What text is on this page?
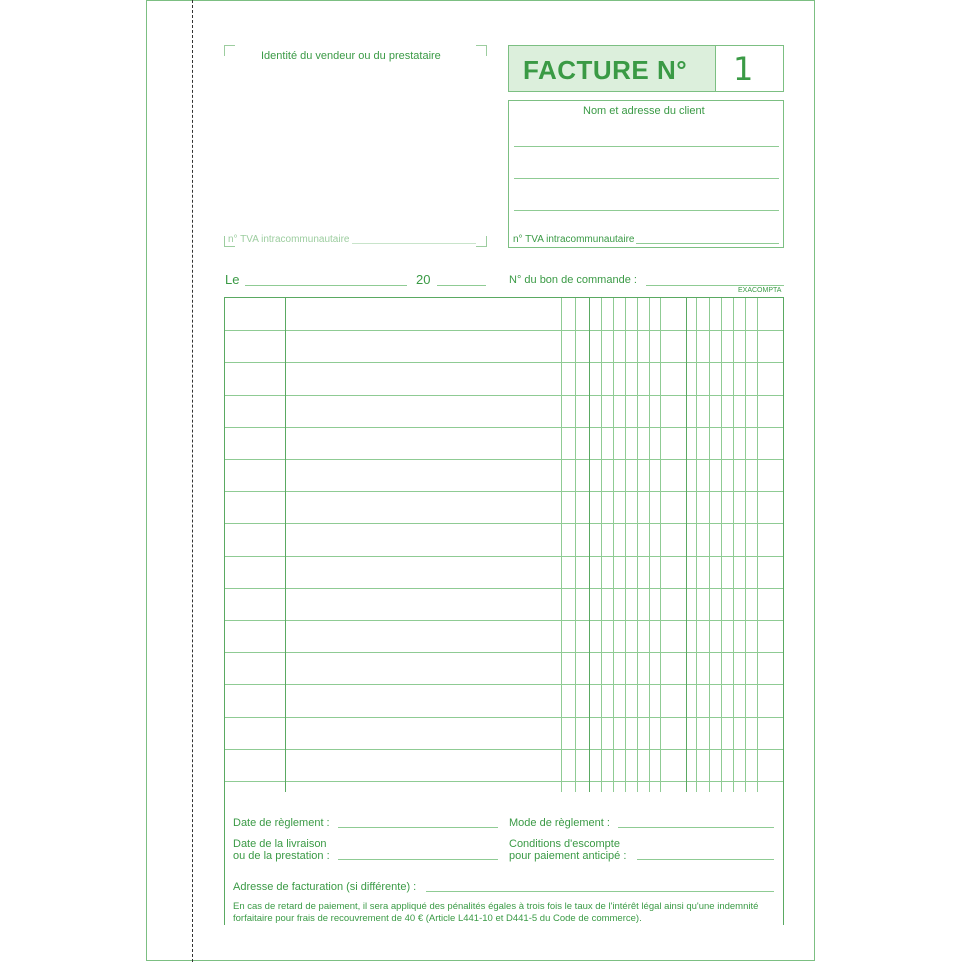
Identité du vendeur ou du prestataire
n° TVA intracommunautaire
FACTURE N° 1
Nom et adresse du client
n° TVA intracommunautaire
Le	20	N° du bon de commande :
EXACOMPTA
Date de règlement :	Mode de règlement :
Date de la livraison
ou de la prestation :
Conditions d'escompte
pour paiement anticipé :
Adresse de facturation (si différente) :
En cas de retard de paiement, il sera appliqué des pénalités égales à trois fois le taux de l'intérêt légal ainsi qu'une indemnité
forfaitaire pour frais de recouvrement de 40 € (Article L441-10 et D441-5 du Code de commerce).
